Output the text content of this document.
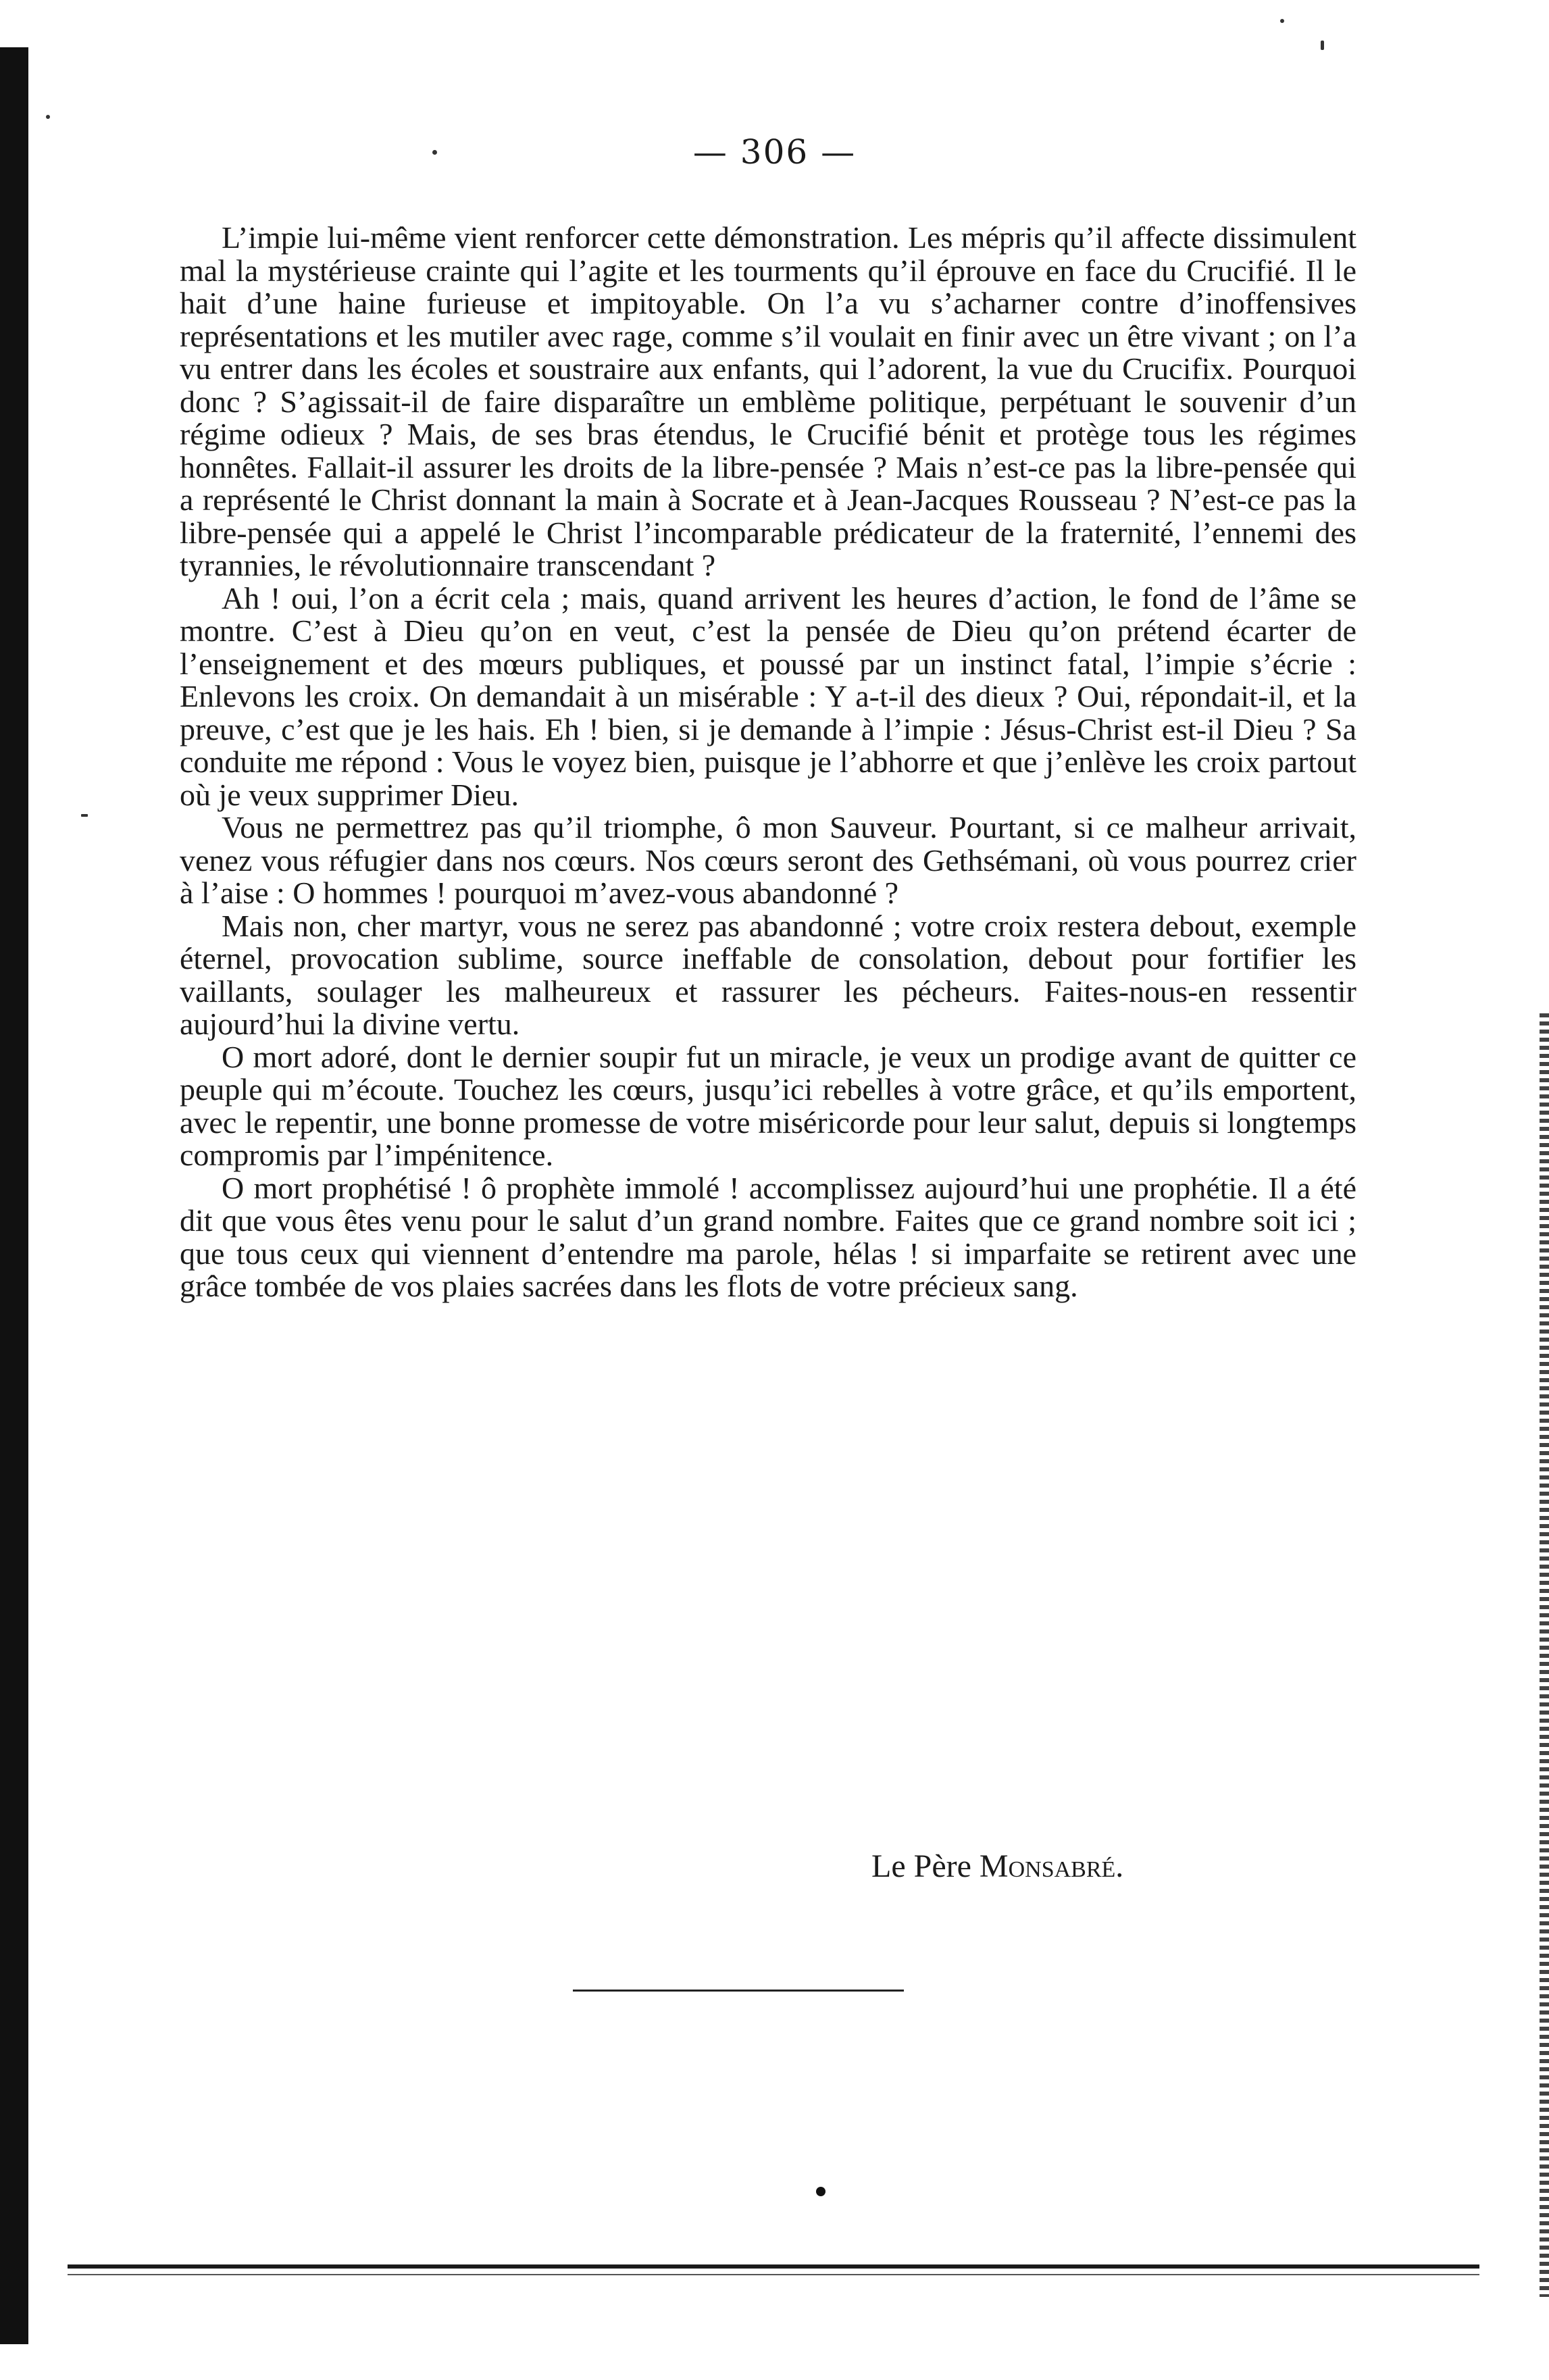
— 306 —

L’impie lui-même vient renforcer cette démonstration. Les mépris qu’il affecte dissimulent mal la mystérieuse crainte qui l’agite et les tourments qu’il éprouve en face du Crucifié. Il le hait d’une haine furieuse et impitoyable. On l’a vu s’acharner contre d’inoffensives représentations et les mutiler avec rage, comme s’il voulait en finir avec un être vivant ; on l’a vu entrer dans les écoles et soustraire aux enfants, qui l’adorent, la vue du Crucifix. Pourquoi donc ? S’agissait-il de faire disparaître un emblème politique, perpétuant le souvenir d’un régime odieux ? Mais, de ses bras étendus, le Crucifié bénit et protège tous les régimes honnêtes. Fallait-il assurer les droits de la libre-pensée ? Mais n’est-ce pas la libre-pensée qui a représenté le Christ donnant la main à Socrate et à Jean-Jacques Rousseau ? N’est-ce pas la libre-pensée qui a appelé le Christ l’incomparable prédicateur de la fraternité, l’ennemi des tyrannies, le révolutionnaire transcendant ?

Ah ! oui, l’on a écrit cela ; mais, quand arrivent les heures d’action, le fond de l’âme se montre. C’est à Dieu qu’on en veut, c’est la pensée de Dieu qu’on prétend écarter de l’enseignement et des mœurs publiques, et poussé par un instinct fatal, l’impie s’écrie : Enlevons les croix. On demandait à un misérable : Y a-t-il des dieux ? Oui, répondait-il, et la preuve, c’est que je les hais. Eh ! bien, si je demande à l’impie : Jésus-Christ est-il Dieu ? Sa conduite me répond : Vous le voyez bien, puisque je l’abhorre et que j’enlève les croix partout où je veux supprimer Dieu.

Vous ne permettrez pas qu’il triomphe, ô mon Sauveur. Pourtant, si ce malheur arrivait, venez vous réfugier dans nos cœurs. Nos cœurs seront des Gethsémani, où vous pourrez crier à l’aise : O hommes ! pourquoi m’avez-vous abandonné ?

Mais non, cher martyr, vous ne serez pas abandonné ; votre croix restera debout, exemple éternel, provocation sublime, source ineffable de consolation, debout pour fortifier les vaillants, soulager les malheureux et rassurer les pécheurs. Faites-nous-en ressentir aujourd’hui la divine vertu.

O mort adoré, dont le dernier soupir fut un miracle, je veux un prodige avant de quitter ce peuple qui m’écoute. Touchez les cœurs, jusqu’ici rebelles à votre grâce, et qu’ils emportent, avec le repentir, une bonne promesse de votre miséricorde pour leur salut, depuis si longtemps compromis par l’impénitence.

O mort prophétisé ! ô prophète immolé ! accomplissez aujourd’hui une prophétie. Il a été dit que vous êtes venu pour le salut d’un grand nombre. Faites que ce grand nombre soit ici ; que tous ceux qui viennent d’entendre ma parole, hélas ! si imparfaite se retirent avec une grâce tombée de vos plaies sacrées dans les flots de votre précieux sang.

Le Père Monsabré.
